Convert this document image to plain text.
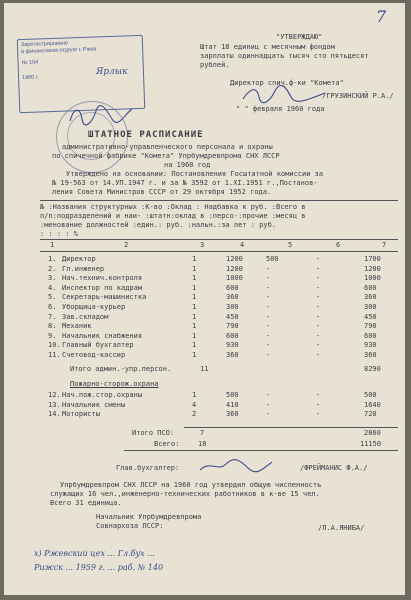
7
"УТВЕРЖДАЮ"
Штат 18 единиц с месячным фондом
зарплаты одиннадцать тысяч сто пятьдесят
рублей.
Директор спич.ф-ки "Комета"
/ГРУЗИНСКИЙ Р.А./
" " февраля 1960 года
Зарегистрировано
в финансовом отделе г. Ржев
№ 104
1960 г.
Ярлык
ШТАТНОЕ РАСПИСАНИЕ
административно-управленческого персонала и охраны
по спичечной фабрике "Комета" Упрбумдревпрома СНХ ЛССР
на 1960 год
Утверждено на основании: Постановления Госштатной комиссии за
№ 19-563 от 14.УП.1947 г. и за № 3592 от 1.XI.1951 г.,Постанов-
ления Совета Министров СССР от 29 октября 1952 года.
№ :Названия структурных :К-во :Оклад : Надбавка к руб. :Всего в
п/п:подразделений и наи- :штатн:оклад в :персо-:прочие :месяц в
:менование должностей :един.: руб. :нальн.:за лет : руб.
: : : : %
1	2	3	4	5	6	7
1. Директор	1	1200	500	-	1700
2. Гл.инженер	1	1200	-	-	1200
3. Нач.технич.контроля	1	1000	-	-	1000
4. Инспектор по кадрам	1	600	-	-	600
5. Секретарь-машинистка	1	360	-	-	360
6. Уборщица-курьер	1	300	-	-	300
7. Зав.складом	1	450	-	-	450
8. Механик	1	790	-	-	790
9. Начальник снабжения	1	600	-	-	600
10. Главный бухгалтер	1	930	-	-	930
11. Счетовод-кассир	1	360	-	-	360
Итого админ.-упр.персон.	11	8290
Пожарно-сторож.охрана
12. Нач.пож.стор.охраны	1	500	-	-	500
13. Начальник смены	4	410	-	-	1640
14. Мотористы	2	360	-	-	720
Итого ПСО:	7	2860
Всего:	18	11150
Глав.бухгалтер:	/ФРЕЙМАНИС Ф.А./
Упрбумдревпром СНХ ЛССР на 1960 год утвердил общую численность
служащих 16 чел.,инженерно-технических работников в к-ве 15 чел.
Всего 31 единица.
Начальник Упрбумдревпрома
Совнархоза ЛССР:	/Л.А.ЯНИБА/
x) Ржевский цех ... Гл.бух ...
Рижск ... 1959 г. ... раб. № 140
